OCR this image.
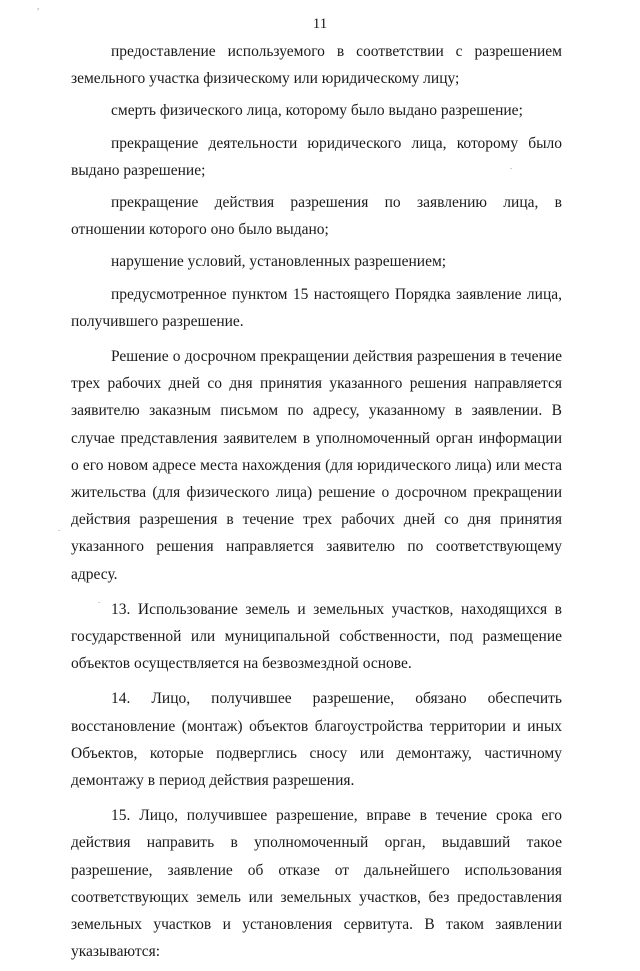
,
.
.
.
11

предоставление используемого в соответствии с разрешением земельного участка физическому или юридическому лицу;

смерть физического лица, которому было выдано разрешение;

прекращение деятельности юридического лица, которому было выдано разрешение;

прекращение действия разрешения по заявлению лица, в отношении которого оно было выдано;

нарушение условий, установленных разрешением;

предусмотренное пунктом 15 настоящего Порядка заявление лица, получившего разрешение.

Решение о досрочном прекращении действия разрешения в течение трех рабочих дней со дня принятия указанного решения направляется заявителю заказным письмом по адресу, указанному в заявлении. В случае представления заявителем в уполномоченный орган информации о его новом адресе места нахождения (для юридического лица) или места жительства (для физического лица) решение о досрочном прекращении действия разрешения в течение трех рабочих дней со дня принятия указанного решения направляется заявителю по соответствующему адресу.

13. Использование земель и земельных участков, находящихся в государственной или муниципальной собственности, под размещение объектов осуществляется на безвозмездной основе.

14. Лицо, получившее разрешение, обязано обеспечить восстановление (монтаж) объектов благоустройства территории и иных Объектов, которые подверглись сносу или демонтажу, частичному демонтажу в период действия разрешения.

15. Лицо, получившее разрешение, вправе в течение срока его действия направить в уполномоченный орган, выдавший такое разрешение, заявление об отказе от дальнейшего использования соответствующих земель или земельных участков, без предоставления земельных участков и установления сервитута. В таком заявлении указываются:
